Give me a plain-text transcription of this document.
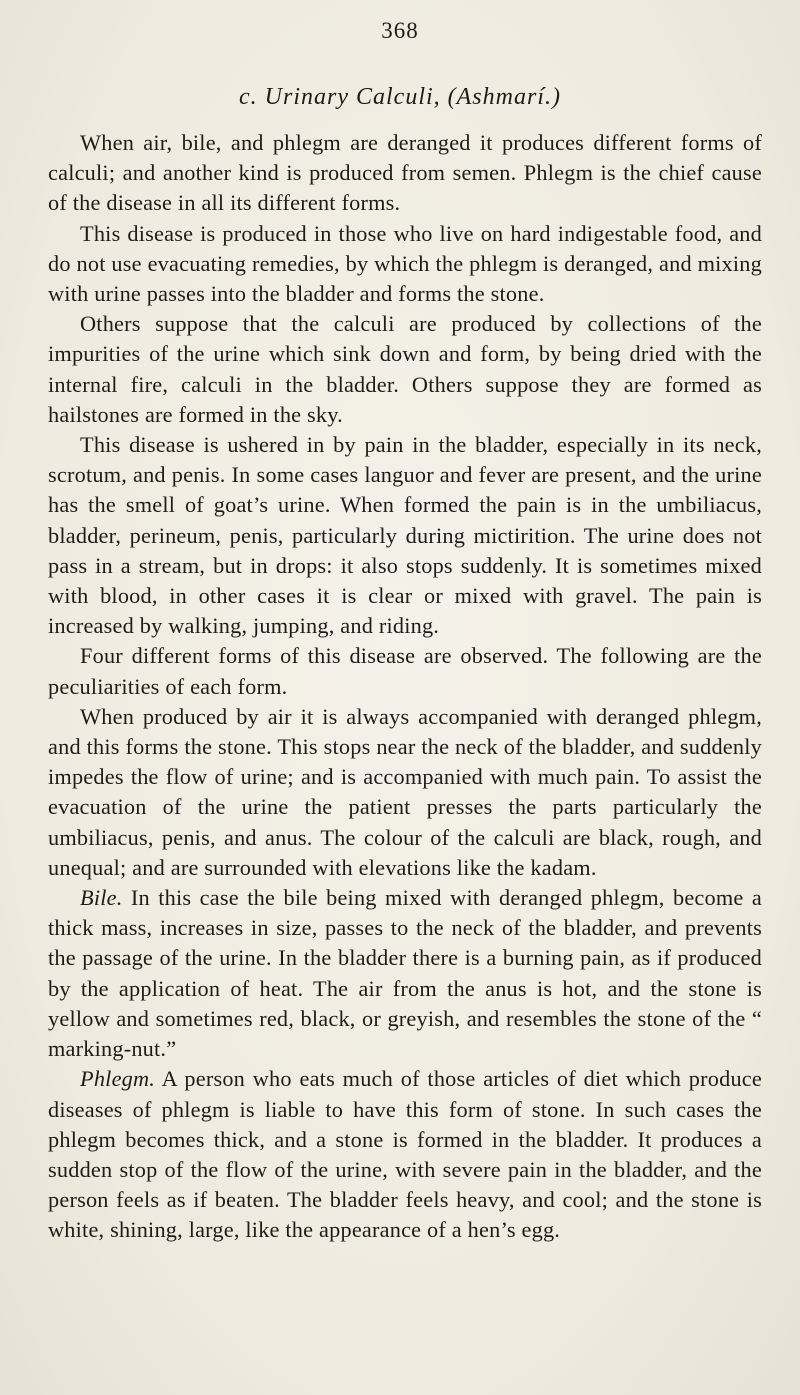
368
c. Urinary Calculi, (Ashmarí.)

When air, bile, and phlegm are deranged it produces different forms of calculi; and another kind is produced from semen. Phlegm is the chief cause of the disease in all its different forms.

This disease is produced in those who live on hard indigestable food, and do not use evacuating remedies, by which the phlegm is deranged, and mixing with urine passes into the bladder and forms the stone.

Others suppose that the calculi are produced by collections of the impurities of the urine which sink down and form, by being dried with the internal fire, calculi in the bladder. Others suppose they are formed as hailstones are formed in the sky.

This disease is ushered in by pain in the bladder, especially in its neck, scrotum, and penis. In some cases languor and fever are present, and the urine has the smell of goat’s urine. When formed the pain is in the umbiliacus, bladder, perineum, penis, particularly during mictirition. The urine does not pass in a stream, but in drops: it also stops suddenly. It is sometimes mixed with blood, in other cases it is clear or mixed with gravel. The pain is increased by walking, jumping, and riding.

Four different forms of this disease are observed. The following are the peculiarities of each form.

When produced by air it is always accompanied with deranged phlegm, and this forms the stone. This stops near the neck of the bladder, and suddenly impedes the flow of urine; and is accompanied with much pain. To assist the evacuation of the urine the patient presses the parts particularly the umbiliacus, penis, and anus. The colour of the calculi are black, rough, and unequal; and are surrounded with elevations like the kadam.

Bile. In this case the bile being mixed with deranged phlegm, become a thick mass, increases in size, passes to the neck of the bladder, and prevents the passage of the urine. In the bladder there is a burning pain, as if produced by the application of heat. The air from the anus is hot, and the stone is yellow and sometimes red, black, or greyish, and resembles the stone of the “ marking-nut.”

Phlegm. A person who eats much of those articles of diet which produce diseases of phlegm is liable to have this form of stone. In such cases the phlegm becomes thick, and a stone is formed in the bladder. It produces a sudden stop of the flow of the urine, with severe pain in the bladder, and the person feels as if beaten. The bladder feels heavy, and cool; and the stone is white, shining, large, like the appearance of a hen’s egg.
